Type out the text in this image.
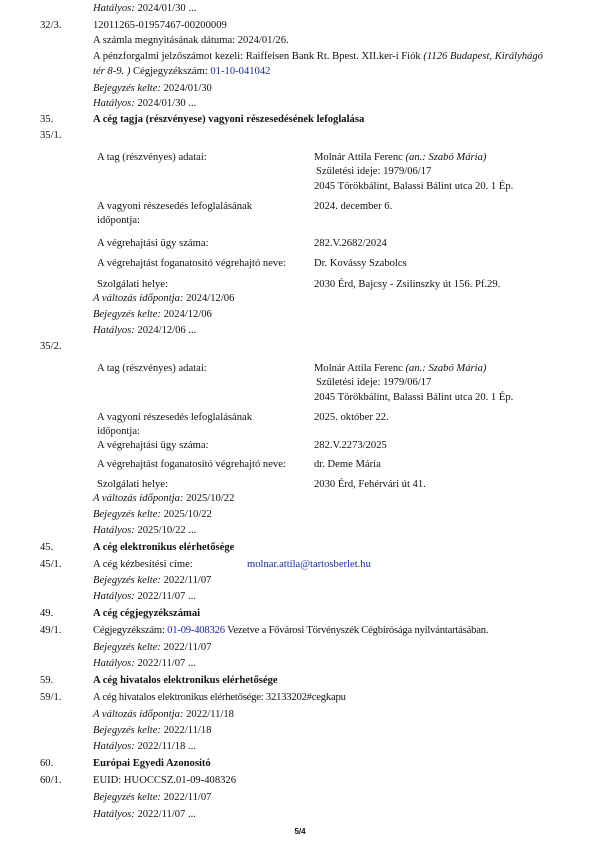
Hatályos: 2024/01/30 ...
32/3.	12011265-01957467-00200009
A számla megnyitásának dátuma: 2024/01/26.
A pénzforgalmi jelzőszámot kezeli: Raiffeisen Bank Rt. Bpest. XII.ker-i Fiók (1126 Budapest, Királyhágó
tér 8-9. ) Cégjegyzékszám: 01-10-041042
Bejegyzés kelte: 2024/01/30
Hatályos: 2024/01/30 ...
35.	A cég tagja (részvényese) vagyoni részesedésének lefoglalása
35/1.
A tag (részvényes) adatai:	Molnár Attila Ferenc (an.: Szabó Mária)
Születési ideje: 1979/06/17
2045 Törökbálint, Balassi Bálint utca 20. 1 Ép.
A vagyoni részesedés lefoglalásának
időpontja:
2024. december 6.
A végrehajtási ügy száma:	282.V.2682/2024
A végrehajtást foganatosító végrehajtó neve:	Dr. Kovássy Szabolcs
Szolgálati helye:	2030 Érd, Bajcsy - Zsilinszky út 156. Pf.29.
A változás időpontja: 2024/12/06
Bejegyzés kelte: 2024/12/06
Hatályos: 2024/12/06 ...
35/2.
A tag (részvényes) adatai:	Molnár Attila Ferenc (an.: Szabó Mária)
Születési ideje: 1979/06/17
2045 Törökbálint, Balassi Bálint utca 20. 1 Ép.
A vagyoni részesedés lefoglalásának
időpontja:
2025. október 22.
A végrehajtási ügy száma:	282.V.2273/2025
A végrehajtást foganatosító végrehajtó neve:	dr. Deme Mária
Szolgálati helye:	2030 Érd, Fehérvári út 41.
A változás időpontja: 2025/10/22
Bejegyzés kelte: 2025/10/22
Hatályos: 2025/10/22 ...
45.	A cég elektronikus elérhetősége
45/1.	A cég kézbesítési címe:	molnar.attila@tartosberlet.hu
Bejegyzés kelte: 2022/11/07
Hatályos: 2022/11/07 ...
49.	A cég cégjegyzékszámai
49/1.	Cégjegyzékszám: 01-09-408326 Vezetve a Fővárosi Törvényszék Cégbírósága nyilvántartásában.
Bejegyzés kelte: 2022/11/07
Hatályos: 2022/11/07 ...
59.	A cég hivatalos elektronikus elérhetősége
59/1.	A cég hivatalos elektronikus elérhetősége: 32133202#cegkapu
A változás időpontja: 2022/11/18
Bejegyzés kelte: 2022/11/18
Hatályos: 2022/11/18 ...
60.	Európai Egyedi Azonosító
60/1.	EUID: HUOCCSZ.01-09-408326
Bejegyzés kelte: 2022/11/07
Hatályos: 2022/11/07 ...
5/4
